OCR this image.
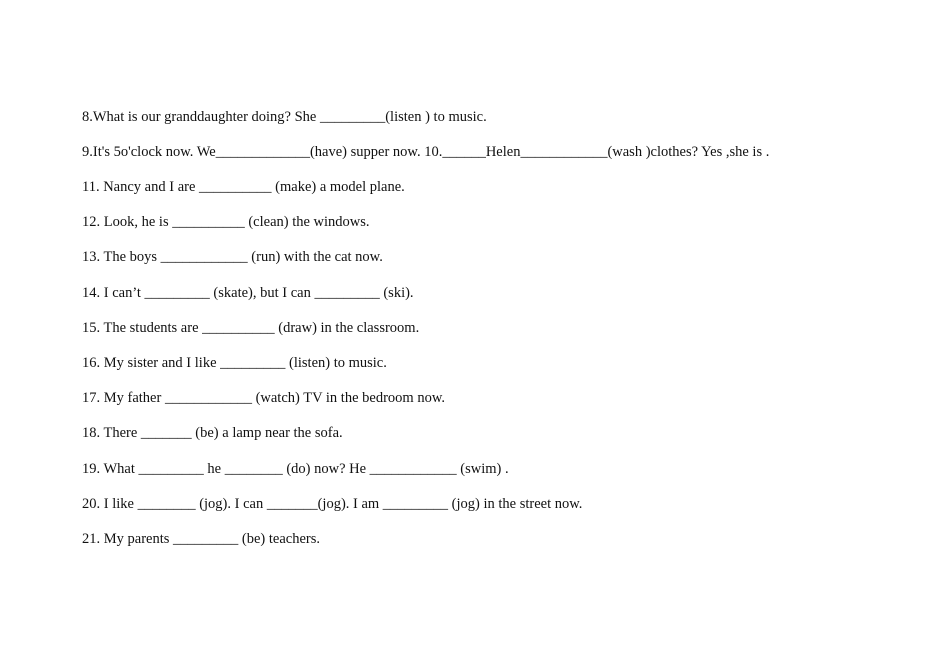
8.What is our granddaughter doing? She _________(listen ) to music.
9.It's 5o'clock now. We_____________(have) supper now. 10.______Helen____________(wash )clothes? Yes ,she is .
11. Nancy and I are __________ (make) a model plane.
12. Look, he is __________ (clean) the windows.
13. The boys ____________ (run) with the cat now.
14. I can’t _________ (skate), but I can _________ (ski).
15. The students are __________ (draw) in the classroom.
16. My sister and I like _________ (listen) to music.
17. My father ____________ (watch) TV in the bedroom now.
18. There _______ (be) a lamp near the sofa.
19. What _________ he ________ (do) now? He ____________ (swim) .
20. I like ________ (jog). I can _______(jog). I am _________ (jog) in the street now.
21. My parents _________ (be) teachers.
